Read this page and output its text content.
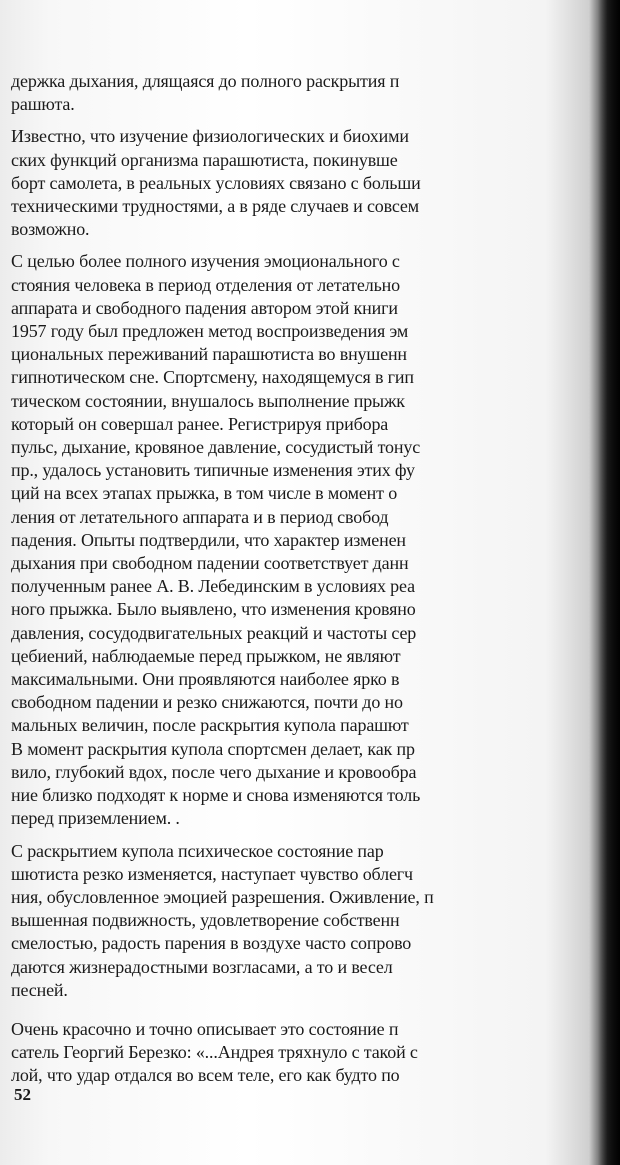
держка дыхания, длящаяся до полного раскрытия п
рашюта.

Известно, что изучение физиологических и биохими
ских функций организма парашютиста, покинувше
борт самолета, в реальных условиях связано с больши
техническими трудностями, а в ряде случаев и совсем
возможно.

С целью более полного изучения эмоционального с
стояния человека в период отделения от летательно
аппарата и свободного падения автором этой книги
1957 году был предложен метод воспроизведения эм
циональных переживаний парашютиста во внушенн
гипнотическом сне. Спортсмену, находящемуся в гип
тическом состоянии, внушалось выполнение прыжк
который он совершал ранее. Регистрируя прибора
пульс, дыхание, кровяное давление, сосудистый тонус
пр., удалось установить типичные изменения этих фу
ций на всех этапах прыжка, в том числе в момент о
ления от летательного аппарата и в период свобод
падения. Опыты подтвердили, что характер изменен
дыхания при свободном падении соответствует данн
полученным ранее А. В. Лебединским в условиях реа
ного прыжка. Было выявлено, что изменения кровяно
давления, сосудодвигательных реакций и частоты сер
цебиений, наблюдаемые перед прыжком, не являют
максимальными. Они проявляются наиболее ярко в
свободном падении и резко снижаются, почти до но
мальных величин, после раскрытия купола парашют
В момент раскрытия купола спортсмен делает, как пр
вило, глубокий вдох, после чего дыхание и кровообра
ние близко подходят к норме и снова изменяются толь
перед приземлением. .

С раскрытием купола психическое состояние пар
шютиста резко изменяется, наступает чувство облегч
ния, обусловленное эмоцией разрешения. Оживление, п
вышенная подвижность, удовлетворение собственн
смелостью, радость парения в воздухе часто сопрово
даются жизнерадостными возгласами, а то и весел
песней.

Очень красочно и точно описывает это состояние п
сатель Георгий Березко: «...Андрея тряхнуло с такой с
лой, что удар отдался во всем теле, его как будто по

52
